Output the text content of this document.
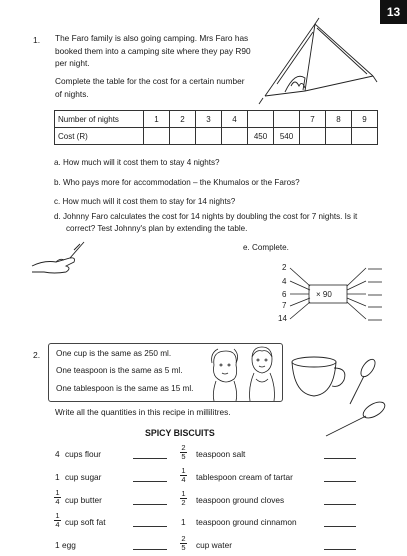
13
1. The Faro family is also going camping. Mrs Faro has
booked them into a camping site where they pay R90
per night.
Complete the table for the cost for a certain number
of nights.
Number of nights	1	2	3	4			7	8	9
Cost (R)					450	540			
a. How much will it cost them to stay 4 nights?
b. Who pays more for accommodation – the Khumalos or the Faros?
c. How much will it cost them to stay for 14 nights?
d. Johnny Faro calculates the cost for 14 nights by doubling the cost for 7 nights. Is it
correct? Test Johnny's plan by extending the table.
e. Complete.
2
4
6
7
14
× 90
2. One cup is the same as 250 ml.
One teaspoon is the same as 5 ml.
One tablespoon is the same as 15 ml.
Write all the quantities in this recipe in millilitres.
SPICY BISCUITS
4 cups flour
1 cup sugar
1
4 cup butter
1
4 cup soft fat
1 egg
2
5 teaspoon salt
1
4 tablespoon cream of tartar
1
2 teaspoon ground cloves
1 teaspoon ground cinnamon
2
5 cup water
